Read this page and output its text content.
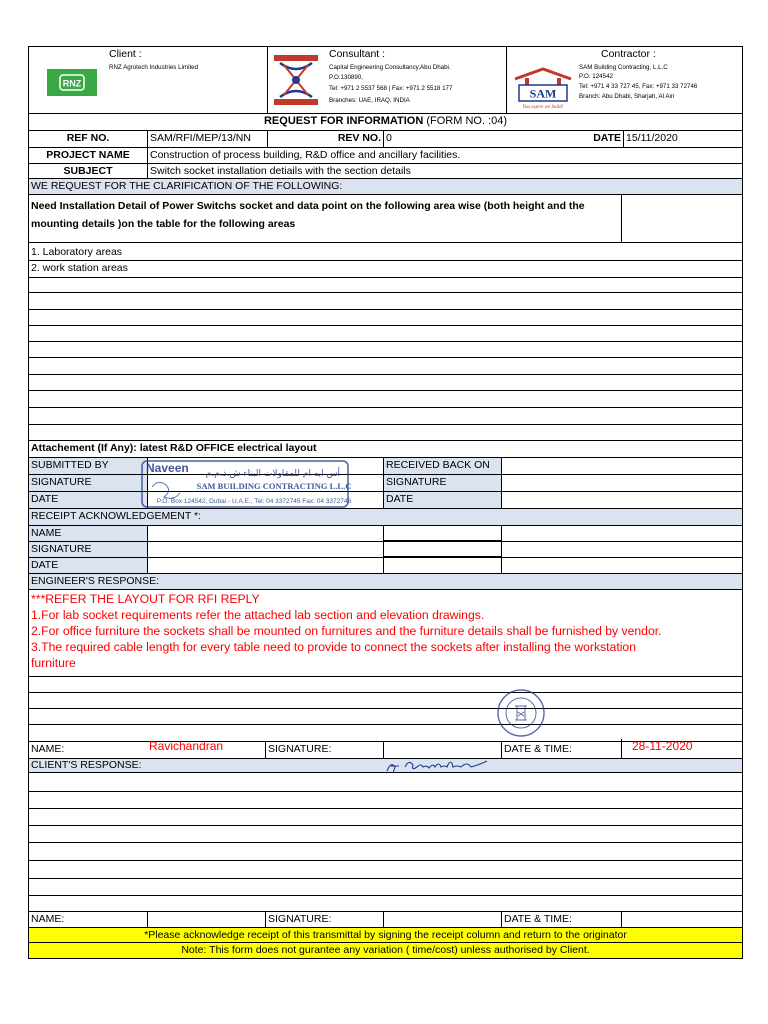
Client :
RNZ Agrotech Industries Limited
RNZ
Consultant :
Capital Engineering Consultancy,Abu Dhabi.
P.O.130890,
Tel: +971 2 5537 568 | Fax: +971 2 5518 177
Branches: UAE, IRAQ, INDIA	SAM
You aspire we build!
Contractor :
SAM Building Contracting, L.L.C
P.O. 124542
Tel: +971 4 33 727 45, Fax: +971 33 72746
Branch: Abu Dhabi, Sharjah, Al Ain
REQUEST FOR INFORMATION (FORM NO. :04)
REF NO.	SAM/RFI/MEP/13/NN	REV NO. 0	DATE 15/11/2020
PROJECT NAME	Construction of process building, R&D office and ancillary facilities.
SUBJECT	Switch socket installation detiails with the section details
WE REQUEST FOR THE CLARIFICATION OF THE FOLLOWING:
Need Installation Detail of Power Switchs socket and data point on the following area wise (both height and the
mounting details )on the table for the following areas
1. Laboratory areas
2. work station areas
Attachement (If Any): latest R&D OFFICE electrical layout
SUBMITTED BY	RECEIVED BACK ON
SIGNATURE	SIGNATURE
DATE	DATE
RECEIPT ACKNOWLEDGEMENT *:
NAME
SIGNATURE
DATE
ENGINEER'S RESPONSE:
***REFER THE LAYOUT FOR RFI REPLY
1.For lab socket requirements refer the attached lab section and elevation drawings.
2.For office furniture the sockets shall be mounted on furnitures and the furniture details shall be furnished by vendor.
3.The required cable length for every table need to provide to connect the sockets after installing the workstation
furniture
NAME:	Ravichandran	SIGNATURE:	DATE & TIME:	28-11-2020
CLIENT'S RESPONSE:
NAME:	SIGNATURE:	DATE & TIME:
*Please acknowledge receipt of this transmittal by signing the receipt column and return to the originator
Note: This form does not gurantee any variation ( time/cost) unless authorised by Client.
Naveen أس ايه ام للمقاولات البناء ش.ذ.م.م
SAM BUILDING CONTRACTING L.L.C
P.O. Box 124542, Dubai - U.A.E., Tel: 04 3372745 Fax: 04 3372746
